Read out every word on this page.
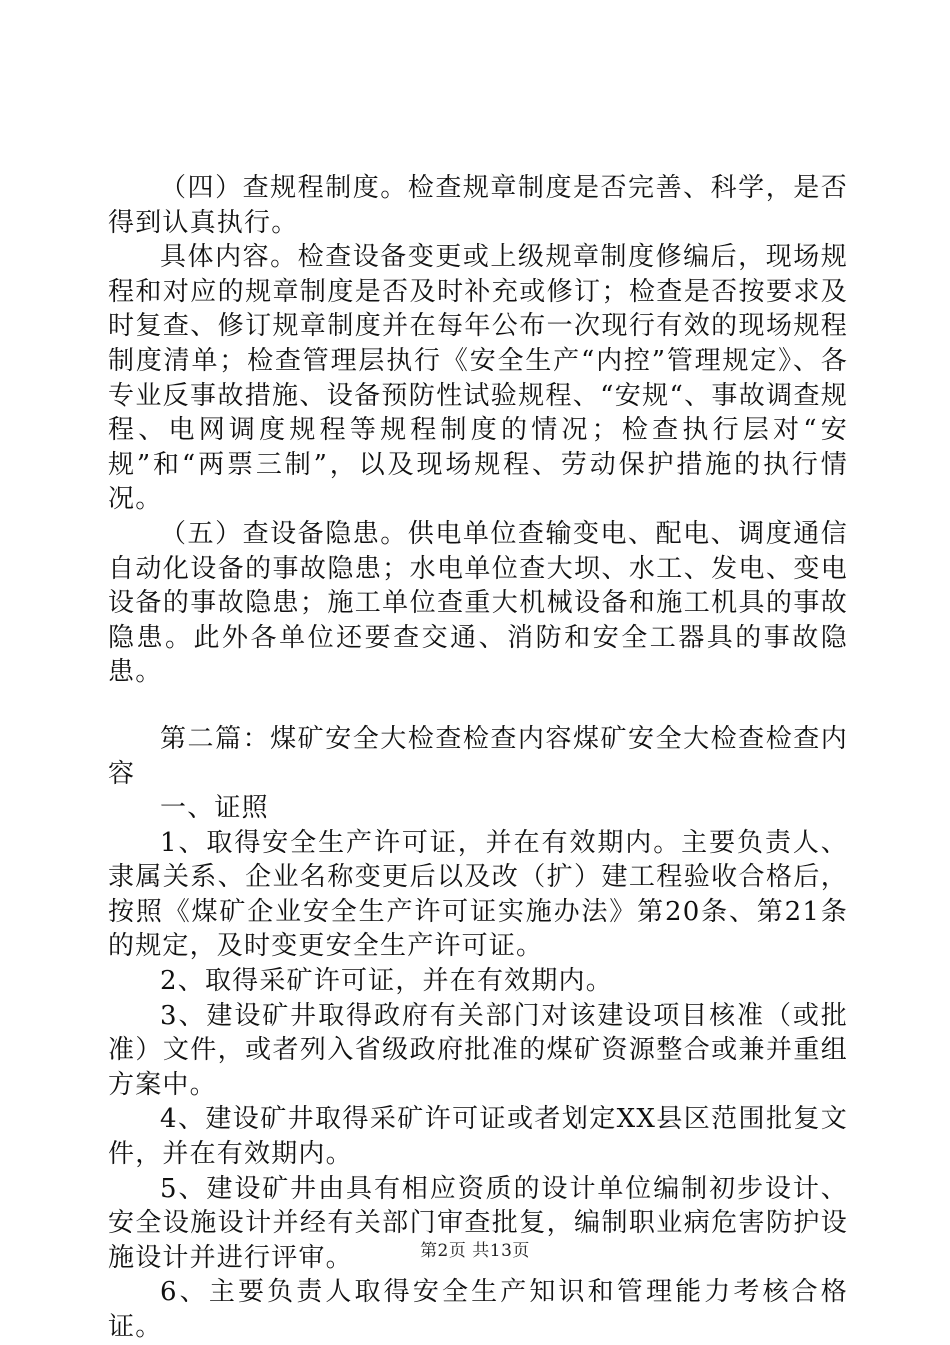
（四）查规程制度。检查规章制度是否完善、科学，是否得到认真执行。

具体内容。检查设备变更或上级规章制度修编后，现场规程和对应的规章制度是否及时补充或修订；检查是否按要求及时复查、修订规章制度并在每年公布一次现行有效的现场规程制度清单；检查管理层执行《安全生产“内控”管理规定》、各专业反事故措施、设备预防性试验规程、“安规“、事故调查规程、电网调度规程等规程制度的情况；检查执行层对“安规”和“两票三制”，以及现场规程、劳动保护措施的执行情况。

（五）查设备隐患。供电单位查输变电、配电、调度通信自动化设备的事故隐患；水电单位查大坝、水工、发电、变电设备的事故隐患；施工单位查重大机械设备和施工机具的事故隐患。此外各单位还要查交通、消防和安全工器具的事故隐患。

第二篇：煤矿安全大检查检查内容煤矿安全大检查检查内容

一、证照

1、取得安全生产许可证，并在有效期内。主要负责人、隶属关系、企业名称变更后以及改（扩）建工程验收合格后，按照《煤矿企业安全生产许可证实施办法》第20条、第21条的规定，及时变更安全生产许可证。

2、取得采矿许可证，并在有效期内。

3、建设矿井取得政府有关部门对该建设项目核准（或批准）文件，或者列入省级政府批准的煤矿资源整合或兼并重组方案中。

4、建设矿井取得采矿许可证或者划定XX县区范围批复文件，并在有效期内。

5、建设矿井由具有相应资质的设计单位编制初步设计、安全设施设计并经有关部门审查批复，编制职业病危害防护设施设计并进行评审。

6、主要负责人取得安全生产知识和管理能力考核合格证。

第2页 共13页
